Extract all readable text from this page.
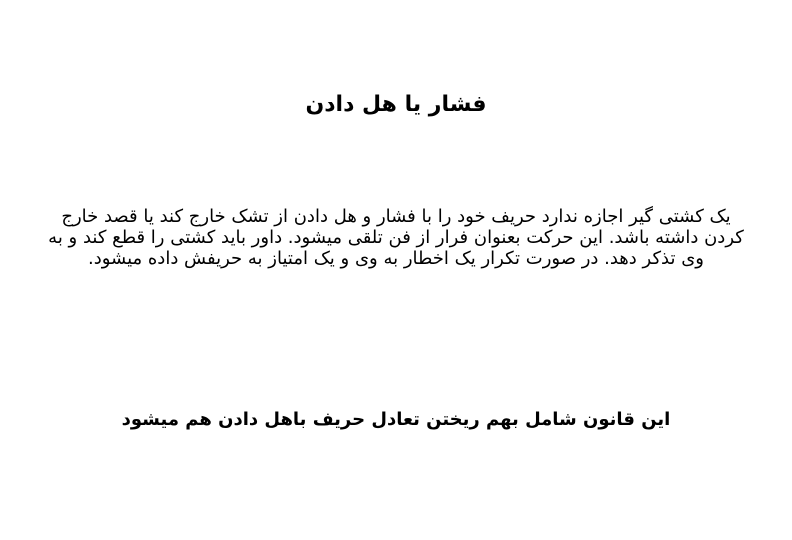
فشار یا هل دادن

یک کشتی گیر اجازه ندارد حریف خود را با فشار و هل دادن از تشک خارج کند یا قصد خارج کردن داشته باشد. این حرکت بعنوان فرار از فن تلقی میشود. داور باید کشتی را قطع کند و به وی تذکر دهد. در صورت تکرار یک اخطار به وی و یک امتیاز به حریفش داده میشود.

این قانون شامل بهم ریختن تعادل حریف باهل دادن هم میشود
